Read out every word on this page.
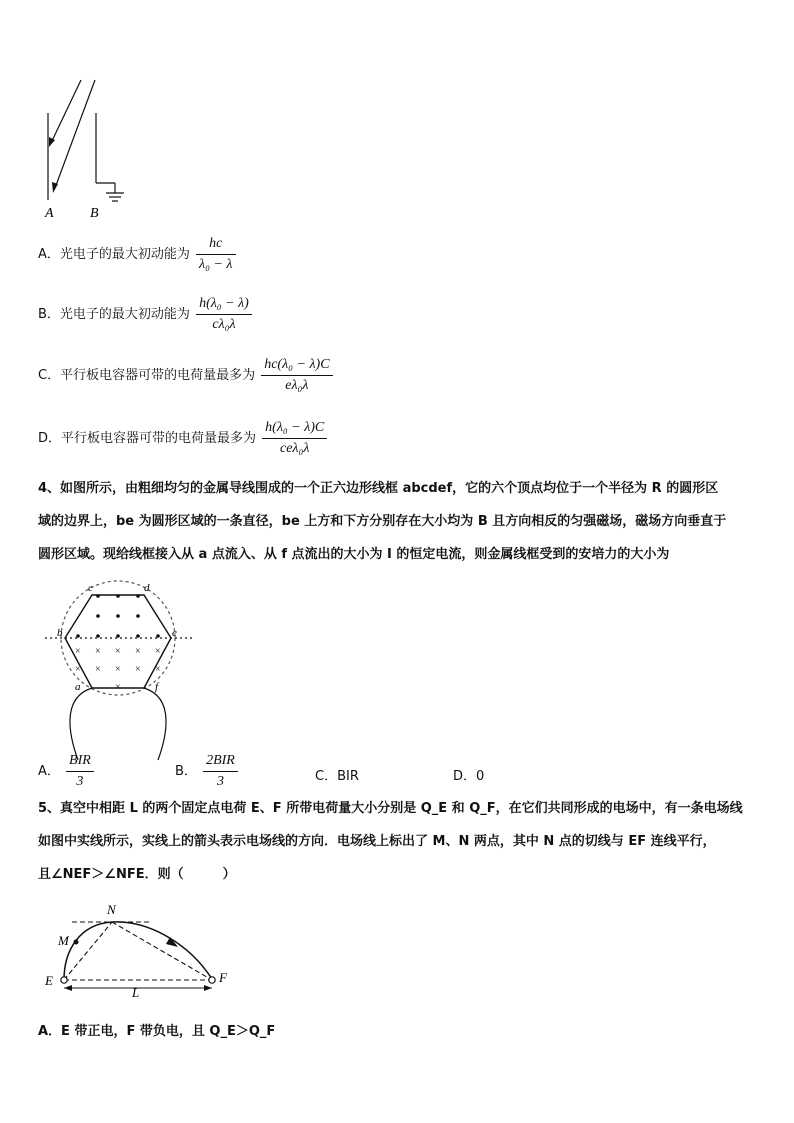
A	B
A．光电子的最大初动能为 $\frac{hc}{\text{λ₀ − λ}}$
B．光电子的最大初动能为 $\frac{\text{h(λ₀ − λ)}}{\text{cλ₀λ}}$
C．平行板电容器可带的电荷量最多为 $\frac{\text{hc(λ₀ − λ)C}}{\text{eλ₀λ}}$
D．平行板电容器可带的电荷量最多为 $\frac{\text{h(λ₀ − λ)C}}{\text{ceλ₀λ}}$
4、如图所示，由粗细均匀的金属导线围成的一个正六边形线框 abcdef，它的六个顶点均位于一个半径为 R 的圆形区
域的边界上，be 为圆形区域的一条直径，be 上方和下方分别存在大小均为 B 且方向相反的匀强磁场，磁场方向垂直于
圆形区域。现给线框接入从 a 点流入、从 f 点流出的大小为 I 的恒定电流，则金属线框受到的安培力的大小为
× × × × ×
× × ×
×	×
×
c	d
b	e
a	f
A． $\frac{\text{BIR}}{3}$	B． $\frac{\text{2BIR}}{3}$	C．BIR	D．0
5、真空中相距 L 的两个固定点电荷 E、F 所带电荷量大小分别是 Q_E 和 Q_F，在它们共同形成的电场中，有一条电场线
如图中实线所示，实线上的箭头表示电场线的方向．电场线上标出了 M、N 两点，其中 N 点的切线与 EF 连线平行，
且∠NEF＞∠NFE．则（　　　）
N
M
E	F
L
A．E 带正电，F 带负电，且 Q_E＞Q_F
